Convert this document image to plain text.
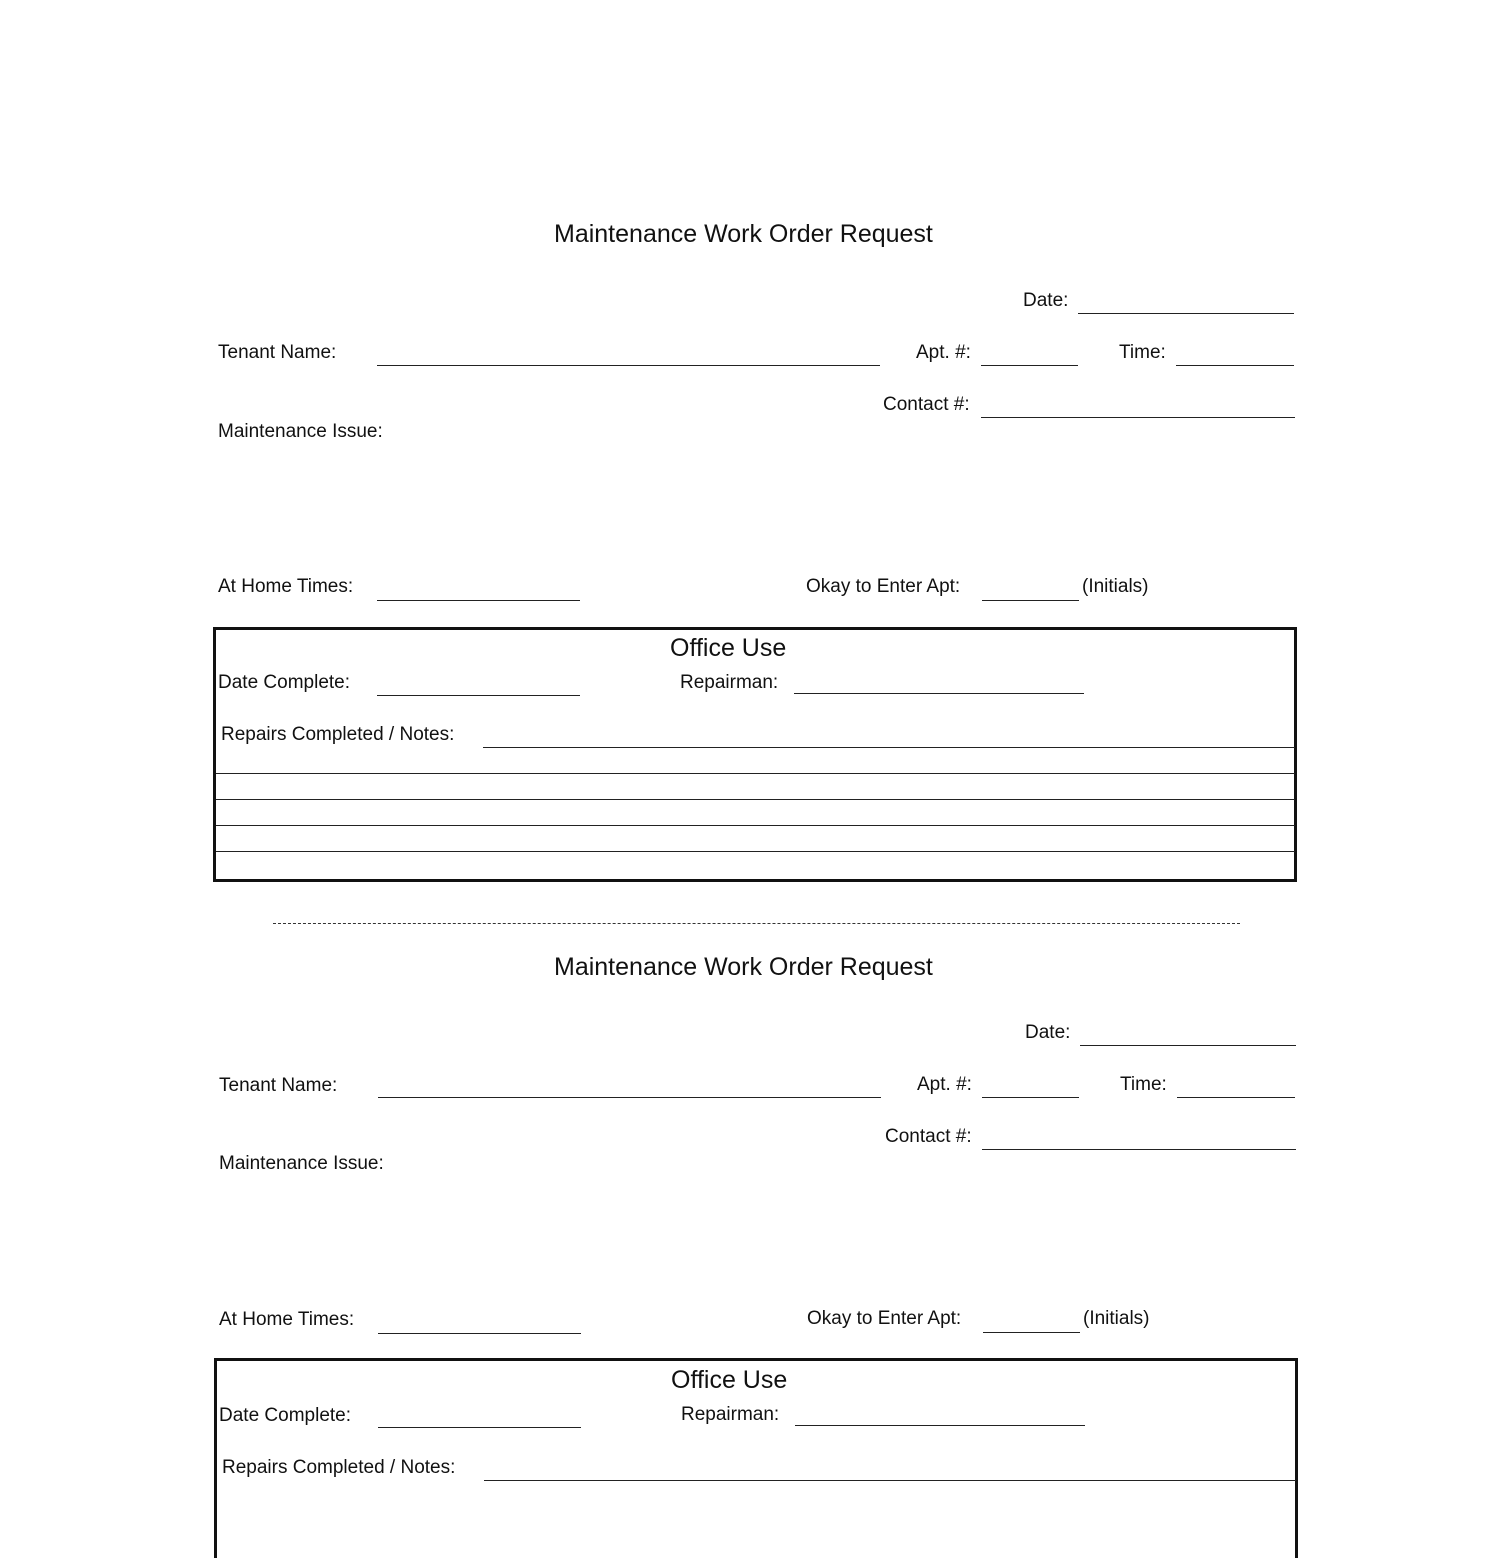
Maintenance Work Order Request
Date:
Tenant Name:	Apt. #:	Time:
Contact #:
Maintenance Issue:
At Home Times:	Okay to Enter Apt:	(Initials)
Office Use
Date Complete:	Repairman:
Repairs Completed / Notes:
Maintenance Work Order Request
Date:
Tenant Name:	Apt. #:	Time:
Contact #:
Maintenance Issue:
At Home Times:	Okay to Enter Apt:	(Initials)
Office Use
Date Complete:	Repairman:
Repairs Completed / Notes:
